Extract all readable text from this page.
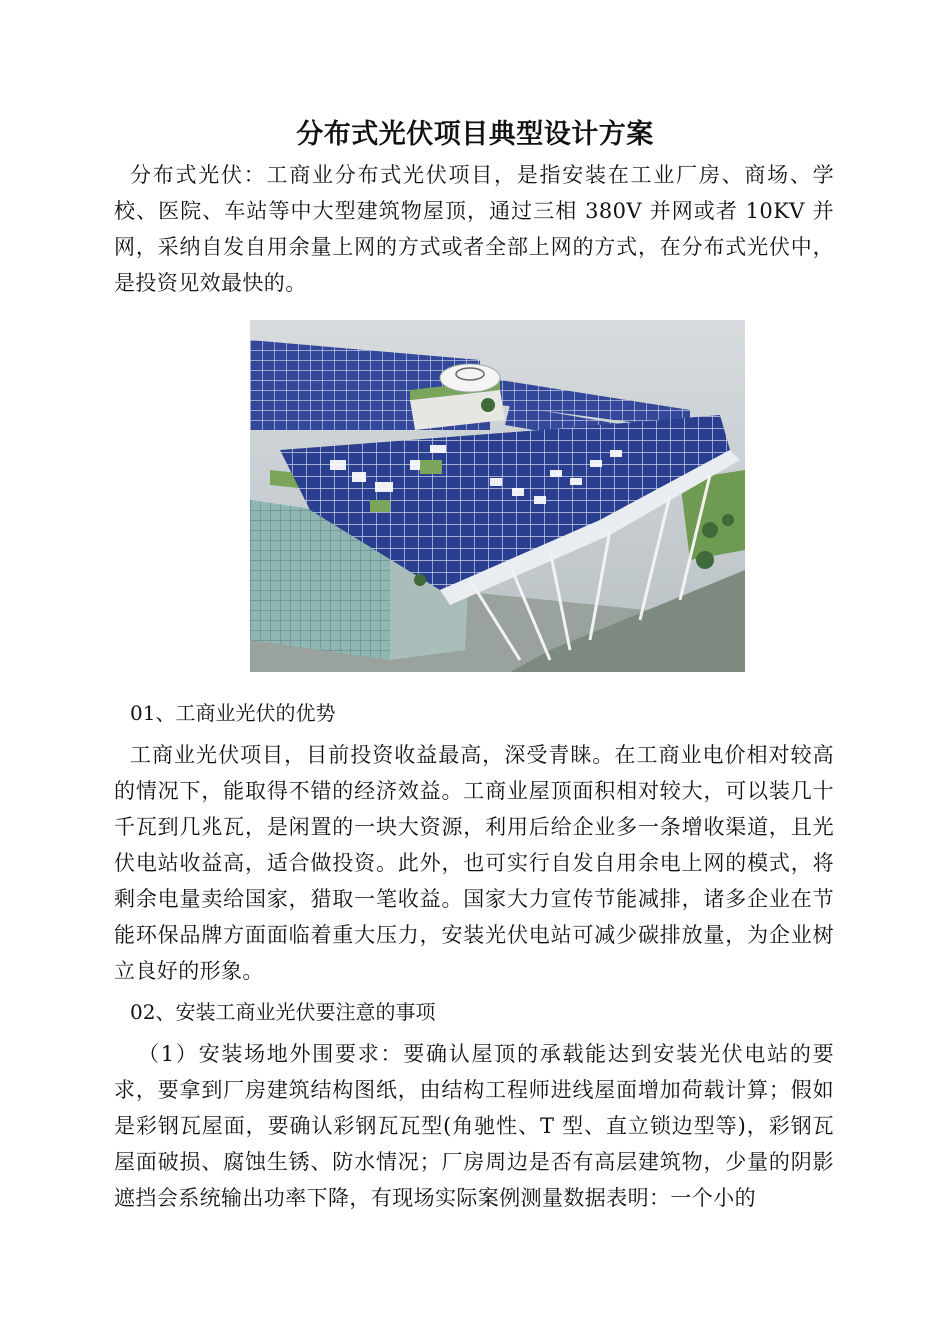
分布式光伏项目典型设计方案

分布式光伏：工商业分布式光伏项目，是指安装在工业厂房、商场、学校、医院、车站等中大型建筑物屋顶，通过三相 380V 并网或者 10KV 并网，采纳自发自用余量上网的方式或者全部上网的方式，在分布式光伏中，是投资见效最快的。

01、工商业光伏的优势

工商业光伏项目，目前投资收益最高，深受青睐。在工商业电价相对较高的情况下，能取得不错的经济效益。工商业屋顶面积相对较大，可以装几十千瓦到几兆瓦，是闲置的一块大资源，利用后给企业多一条增收渠道，且光伏电站收益高，适合做投资。此外，也可实行自发自用余电上网的模式，将剩余电量卖给国家，猎取一笔收益。国家大力宣传节能减排，诸多企业在节能环保品牌方面面临着重大压力，安装光伏电站可减少碳排放量，为企业树立良好的形象。

02、安装工商业光伏要注意的事项

（1）安装场地外围要求：要确认屋顶的承载能达到安装光伏电站的要求，要拿到厂房建筑结构图纸，由结构工程师进线屋面增加荷载计算；假如是彩钢瓦屋面，要确认彩钢瓦瓦型(角驰性、T 型、直立锁边型等)，彩钢瓦屋面破损、腐蚀生锈、防水情况；厂房周边是否有高层建筑物，少量的阴影遮挡会系统输出功率下降，有现场实际案例测量数据表明：一个小的
